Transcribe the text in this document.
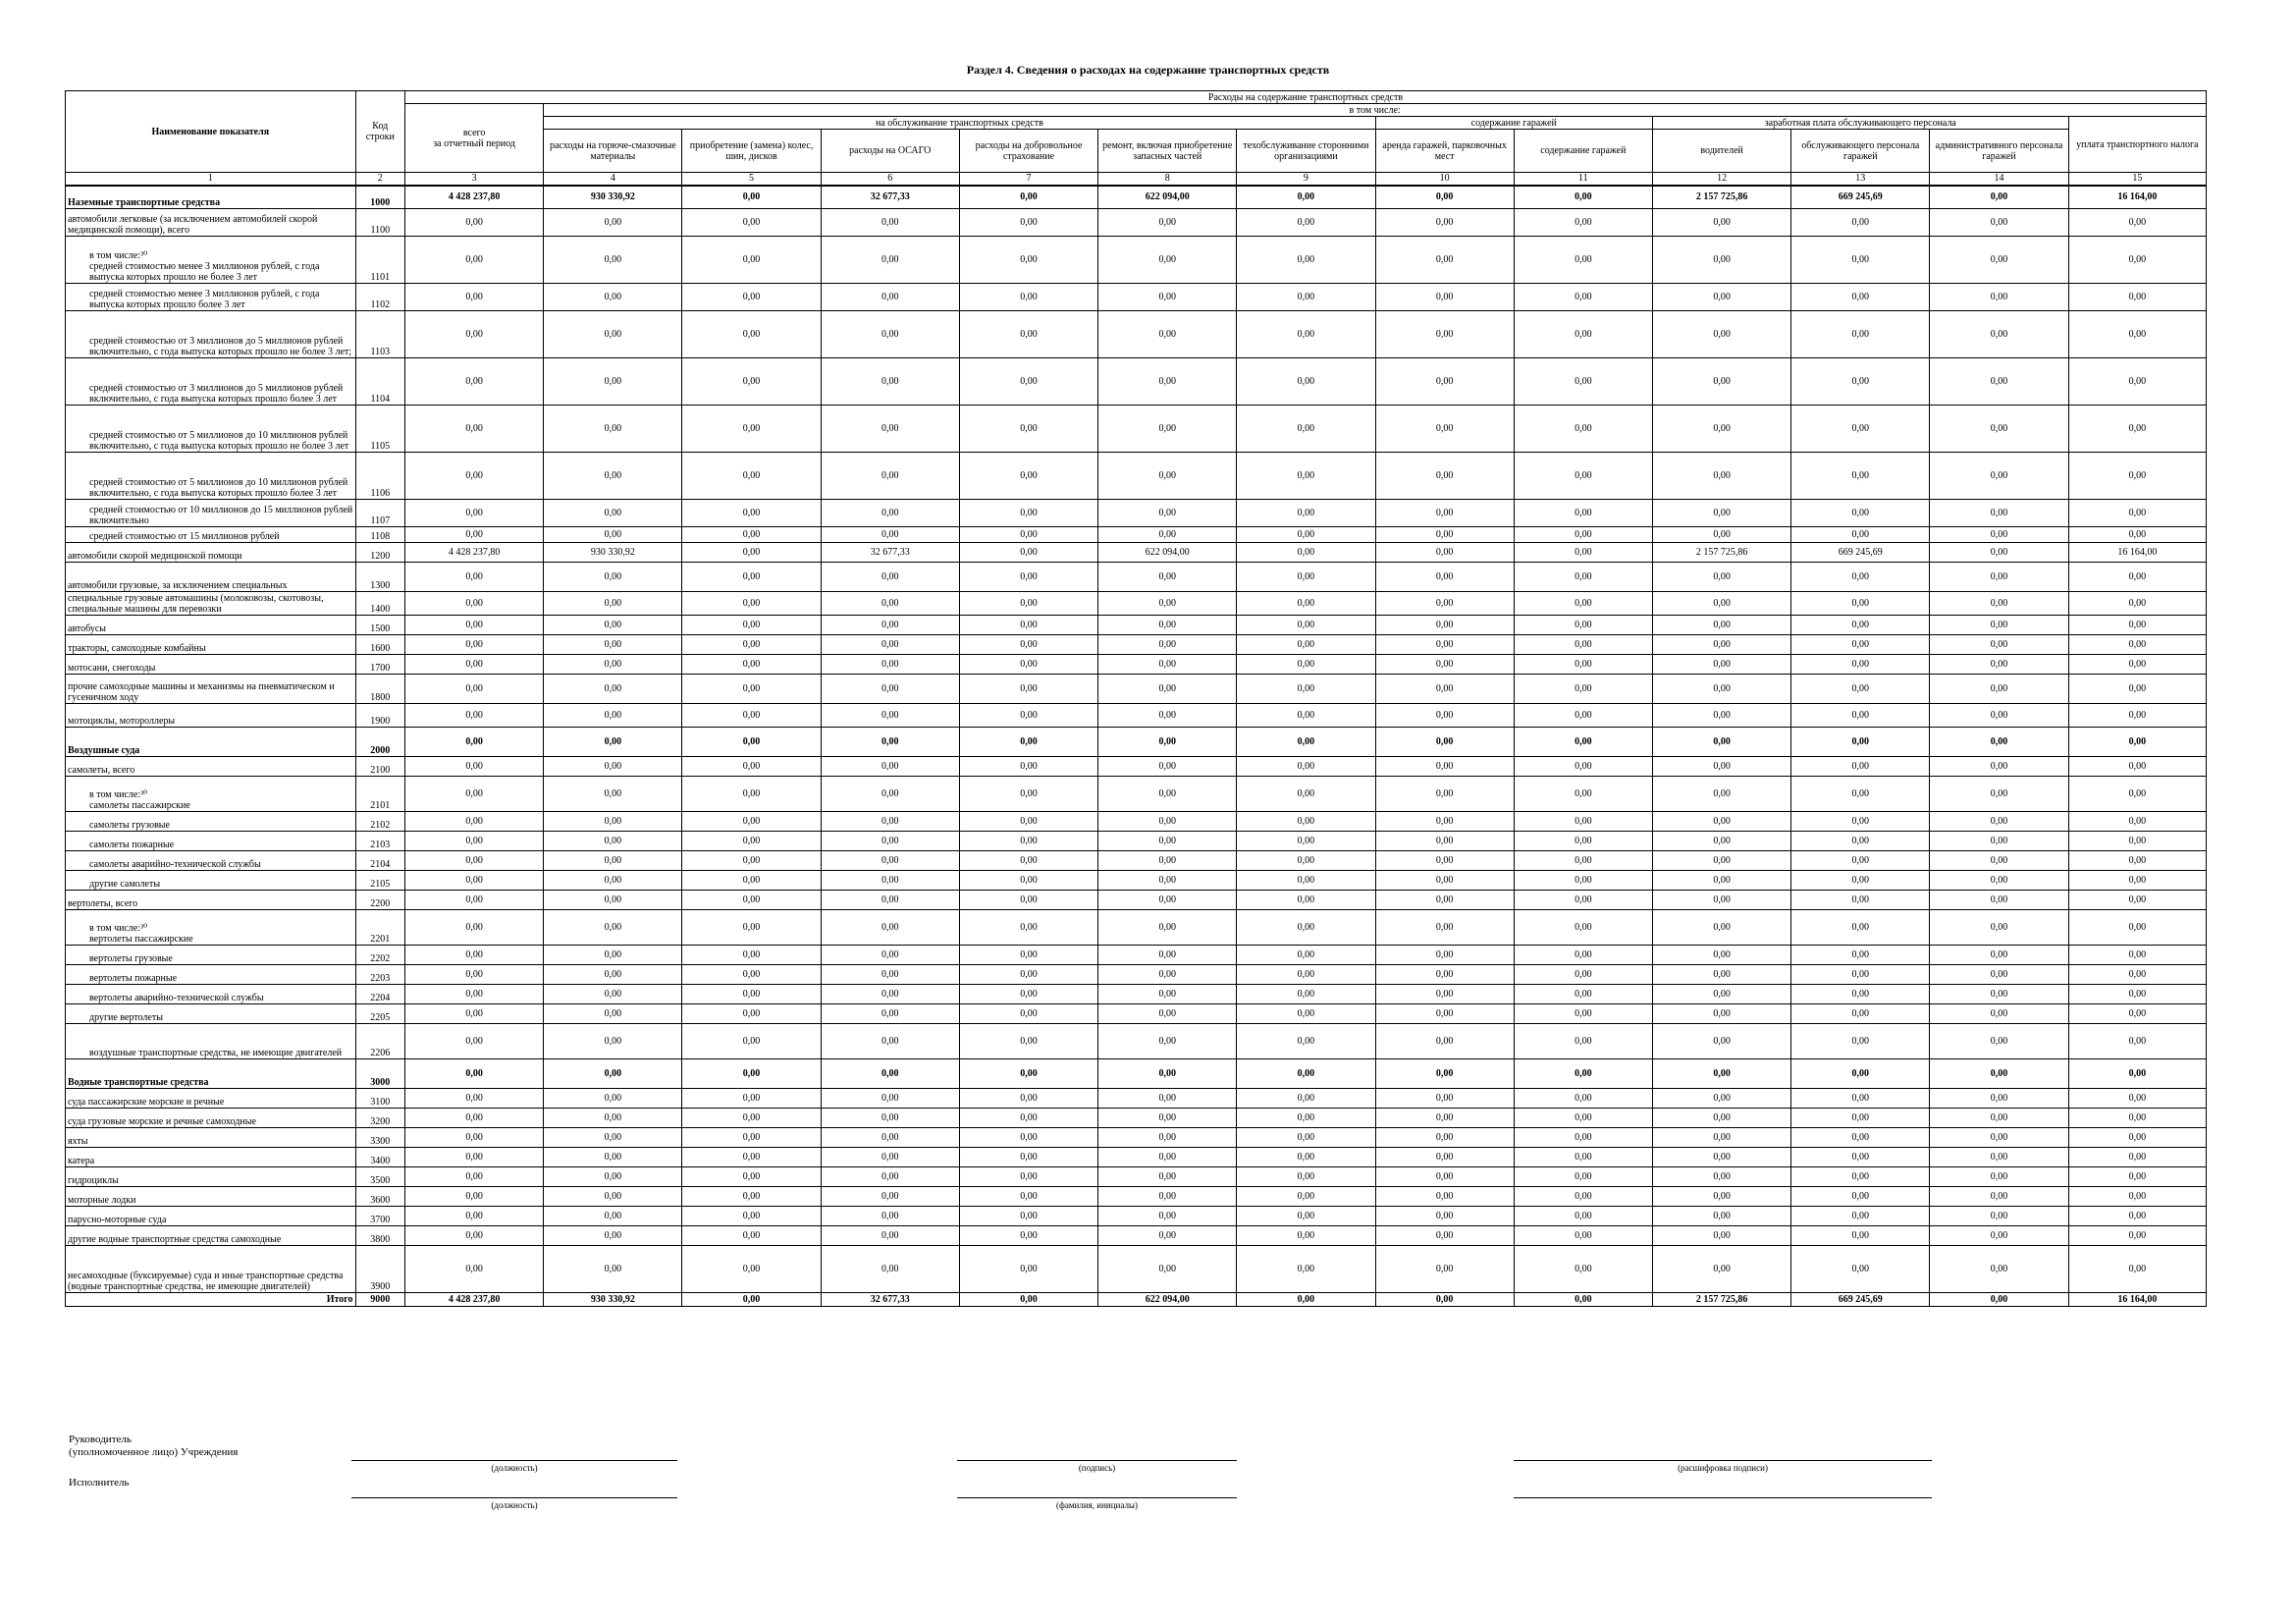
Раздел 4. Сведения о расходах на содержание транспортных средств
Наименование показателя	Код строки	Расходы на содержание транспортных средств												
		всего
за отчетный период	в том числе:											
			на обслуживание транспортных средств						содержание гаражей		заработная плата обслуживающего персонала			уплата транспортного налога
			расходы на горюче-смазочные материалы	приобретение (замена) колес, шин, дисков	расходы на ОСАГО	расходы на добровольное страхование	ремонт, включая приобретение запасных частей	техобслуживание сторонними организациями	аренда гаражей, парковочных мест	содержание гаражей	водителей	обслуживающего персонала гаражей	административного персонала гаражей	
1	2	3	4	5	6	7	8	9	10	11	12	13	14	15
Наземные транспортные средства	1000	4 428 237,80	930 330,92	0,00	32 677,33	0,00	622 094,00	0,00	0,00	0,00	2 157 725,86	669 245,69	0,00	16 164,00
автомобили легковые (за исключением автомобилей скорой медицинской помощи), всего	1100	0,00	0,00	0,00	0,00	0,00	0,00	0,00	0,00	0,00	0,00	0,00	0,00	0,00
в том числе:³⁰
средней стоимостью менее 3 миллионов рублей, с года выпуска которых прошло не более 3 лет	1101	0,00	0,00	0,00	0,00	0,00	0,00	0,00	0,00	0,00	0,00	0,00	0,00	0,00
средней стоимостью менее 3 миллионов рублей, с года выпуска которых прошло более 3 лет	1102	0,00	0,00	0,00	0,00	0,00	0,00	0,00	0,00	0,00	0,00	0,00	0,00	0,00
средней стоимостью от 3 миллионов до 5 миллионов рублей включительно, с года выпуска которых прошло не более 3 лет;	1103	0,00	0,00	0,00	0,00	0,00	0,00	0,00	0,00	0,00	0,00	0,00	0,00	0,00
средней стоимостью от 3 миллионов до 5 миллионов рублей включительно, с года выпуска которых прошло более 3 лет	1104	0,00	0,00	0,00	0,00	0,00	0,00	0,00	0,00	0,00	0,00	0,00	0,00	0,00
средней стоимостью от 5 миллионов до 10 миллионов рублей включительно, с года выпуска которых прошло не более 3 лет	1105	0,00	0,00	0,00	0,00	0,00	0,00	0,00	0,00	0,00	0,00	0,00	0,00	0,00
средней стоимостью от 5 миллионов до 10 миллионов рублей включительно, с года выпуска которых прошло более 3 лет	1106	0,00	0,00	0,00	0,00	0,00	0,00	0,00	0,00	0,00	0,00	0,00	0,00	0,00
средней стоимостью от 10 миллионов до 15 миллионов рублей включительно	1107	0,00	0,00	0,00	0,00	0,00	0,00	0,00	0,00	0,00	0,00	0,00	0,00	0,00
средней стоимостью от 15 миллионов рублей	1108	0,00	0,00	0,00	0,00	0,00	0,00	0,00	0,00	0,00	0,00	0,00	0,00	0,00
автомобили скорой медицинской помощи	1200	4 428 237,80	930 330,92	0,00	32 677,33	0,00	622 094,00	0,00	0,00	0,00	2 157 725,86	669 245,69	0,00	16 164,00
автомобили грузовые, за исключением специальных	1300	0,00	0,00	0,00	0,00	0,00	0,00	0,00	0,00	0,00	0,00	0,00	0,00	0,00
специальные грузовые автомашины (молоковозы, скотовозы, специальные машины для перевозки	1400	0,00	0,00	0,00	0,00	0,00	0,00	0,00	0,00	0,00	0,00	0,00	0,00	0,00
автобусы	1500	0,00	0,00	0,00	0,00	0,00	0,00	0,00	0,00	0,00	0,00	0,00	0,00	0,00
тракторы, самоходные комбайны	1600	0,00	0,00	0,00	0,00	0,00	0,00	0,00	0,00	0,00	0,00	0,00	0,00	0,00
мотосани, снегоходы	1700	0,00	0,00	0,00	0,00	0,00	0,00	0,00	0,00	0,00	0,00	0,00	0,00	0,00
прочие самоходные машины и механизмы на пневматическом и гусеничном ходу	1800	0,00	0,00	0,00	0,00	0,00	0,00	0,00	0,00	0,00	0,00	0,00	0,00	0,00
мотоциклы, мотороллеры	1900	0,00	0,00	0,00	0,00	0,00	0,00	0,00	0,00	0,00	0,00	0,00	0,00	0,00
Воздушные суда	2000	0,00	0,00	0,00	0,00	0,00	0,00	0,00	0,00	0,00	0,00	0,00	0,00	0,00
самолеты, всего	2100	0,00	0,00	0,00	0,00	0,00	0,00	0,00	0,00	0,00	0,00	0,00	0,00	0,00
в том числе:³⁰
самолеты пассажирские	2101	0,00	0,00	0,00	0,00	0,00	0,00	0,00	0,00	0,00	0,00	0,00	0,00	0,00
самолеты грузовые	2102	0,00	0,00	0,00	0,00	0,00	0,00	0,00	0,00	0,00	0,00	0,00	0,00	0,00
самолеты пожарные	2103	0,00	0,00	0,00	0,00	0,00	0,00	0,00	0,00	0,00	0,00	0,00	0,00	0,00
самолеты аварийно-технической службы	2104	0,00	0,00	0,00	0,00	0,00	0,00	0,00	0,00	0,00	0,00	0,00	0,00	0,00
другие самолеты	2105	0,00	0,00	0,00	0,00	0,00	0,00	0,00	0,00	0,00	0,00	0,00	0,00	0,00
вертолеты, всего	2200	0,00	0,00	0,00	0,00	0,00	0,00	0,00	0,00	0,00	0,00	0,00	0,00	0,00
в том числе:³⁰
вертолеты пассажирские	2201	0,00	0,00	0,00	0,00	0,00	0,00	0,00	0,00	0,00	0,00	0,00	0,00	0,00
вертолеты грузовые	2202	0,00	0,00	0,00	0,00	0,00	0,00	0,00	0,00	0,00	0,00	0,00	0,00	0,00
вертолеты пожарные	2203	0,00	0,00	0,00	0,00	0,00	0,00	0,00	0,00	0,00	0,00	0,00	0,00	0,00
вертолеты аварийно-технической службы	2204	0,00	0,00	0,00	0,00	0,00	0,00	0,00	0,00	0,00	0,00	0,00	0,00	0,00
другие вертолеты	2205	0,00	0,00	0,00	0,00	0,00	0,00	0,00	0,00	0,00	0,00	0,00	0,00	0,00
воздушные транспортные средства, не имеющие двигателей	2206	0,00	0,00	0,00	0,00	0,00	0,00	0,00	0,00	0,00	0,00	0,00	0,00	0,00
Водные транспортные средства	3000	0,00	0,00	0,00	0,00	0,00	0,00	0,00	0,00	0,00	0,00	0,00	0,00	0,00
суда пассажирские морские и речные	3100	0,00	0,00	0,00	0,00	0,00	0,00	0,00	0,00	0,00	0,00	0,00	0,00	0,00
суда грузовые морские и речные самоходные	3200	0,00	0,00	0,00	0,00	0,00	0,00	0,00	0,00	0,00	0,00	0,00	0,00	0,00
яхты	3300	0,00	0,00	0,00	0,00	0,00	0,00	0,00	0,00	0,00	0,00	0,00	0,00	0,00
катера	3400	0,00	0,00	0,00	0,00	0,00	0,00	0,00	0,00	0,00	0,00	0,00	0,00	0,00
гидроциклы	3500	0,00	0,00	0,00	0,00	0,00	0,00	0,00	0,00	0,00	0,00	0,00	0,00	0,00
моторные лодки	3600	0,00	0,00	0,00	0,00	0,00	0,00	0,00	0,00	0,00	0,00	0,00	0,00	0,00
парусно-моторные суда	3700	0,00	0,00	0,00	0,00	0,00	0,00	0,00	0,00	0,00	0,00	0,00	0,00	0,00
другие водные транспортные средства самоходные	3800	0,00	0,00	0,00	0,00	0,00	0,00	0,00	0,00	0,00	0,00	0,00	0,00	0,00
несамоходные (буксируемые) суда и иные транспортные средства (водные транспортные средства, не имеющие двигателей)	3900	0,00	0,00	0,00	0,00	0,00	0,00	0,00	0,00	0,00	0,00	0,00	0,00	0,00
Итого	9000	4 428 237,80	930 330,92	0,00	32 677,33	0,00	622 094,00	0,00	0,00	0,00	2 157 725,86	669 245,69	0,00	16 164,00
Руководитель
(уполномоченное лицо) Учреждения
(должность)	(подпись)	(расшифровка подписи)
Исполнитель
(должность)	(фамилия, инициалы)
